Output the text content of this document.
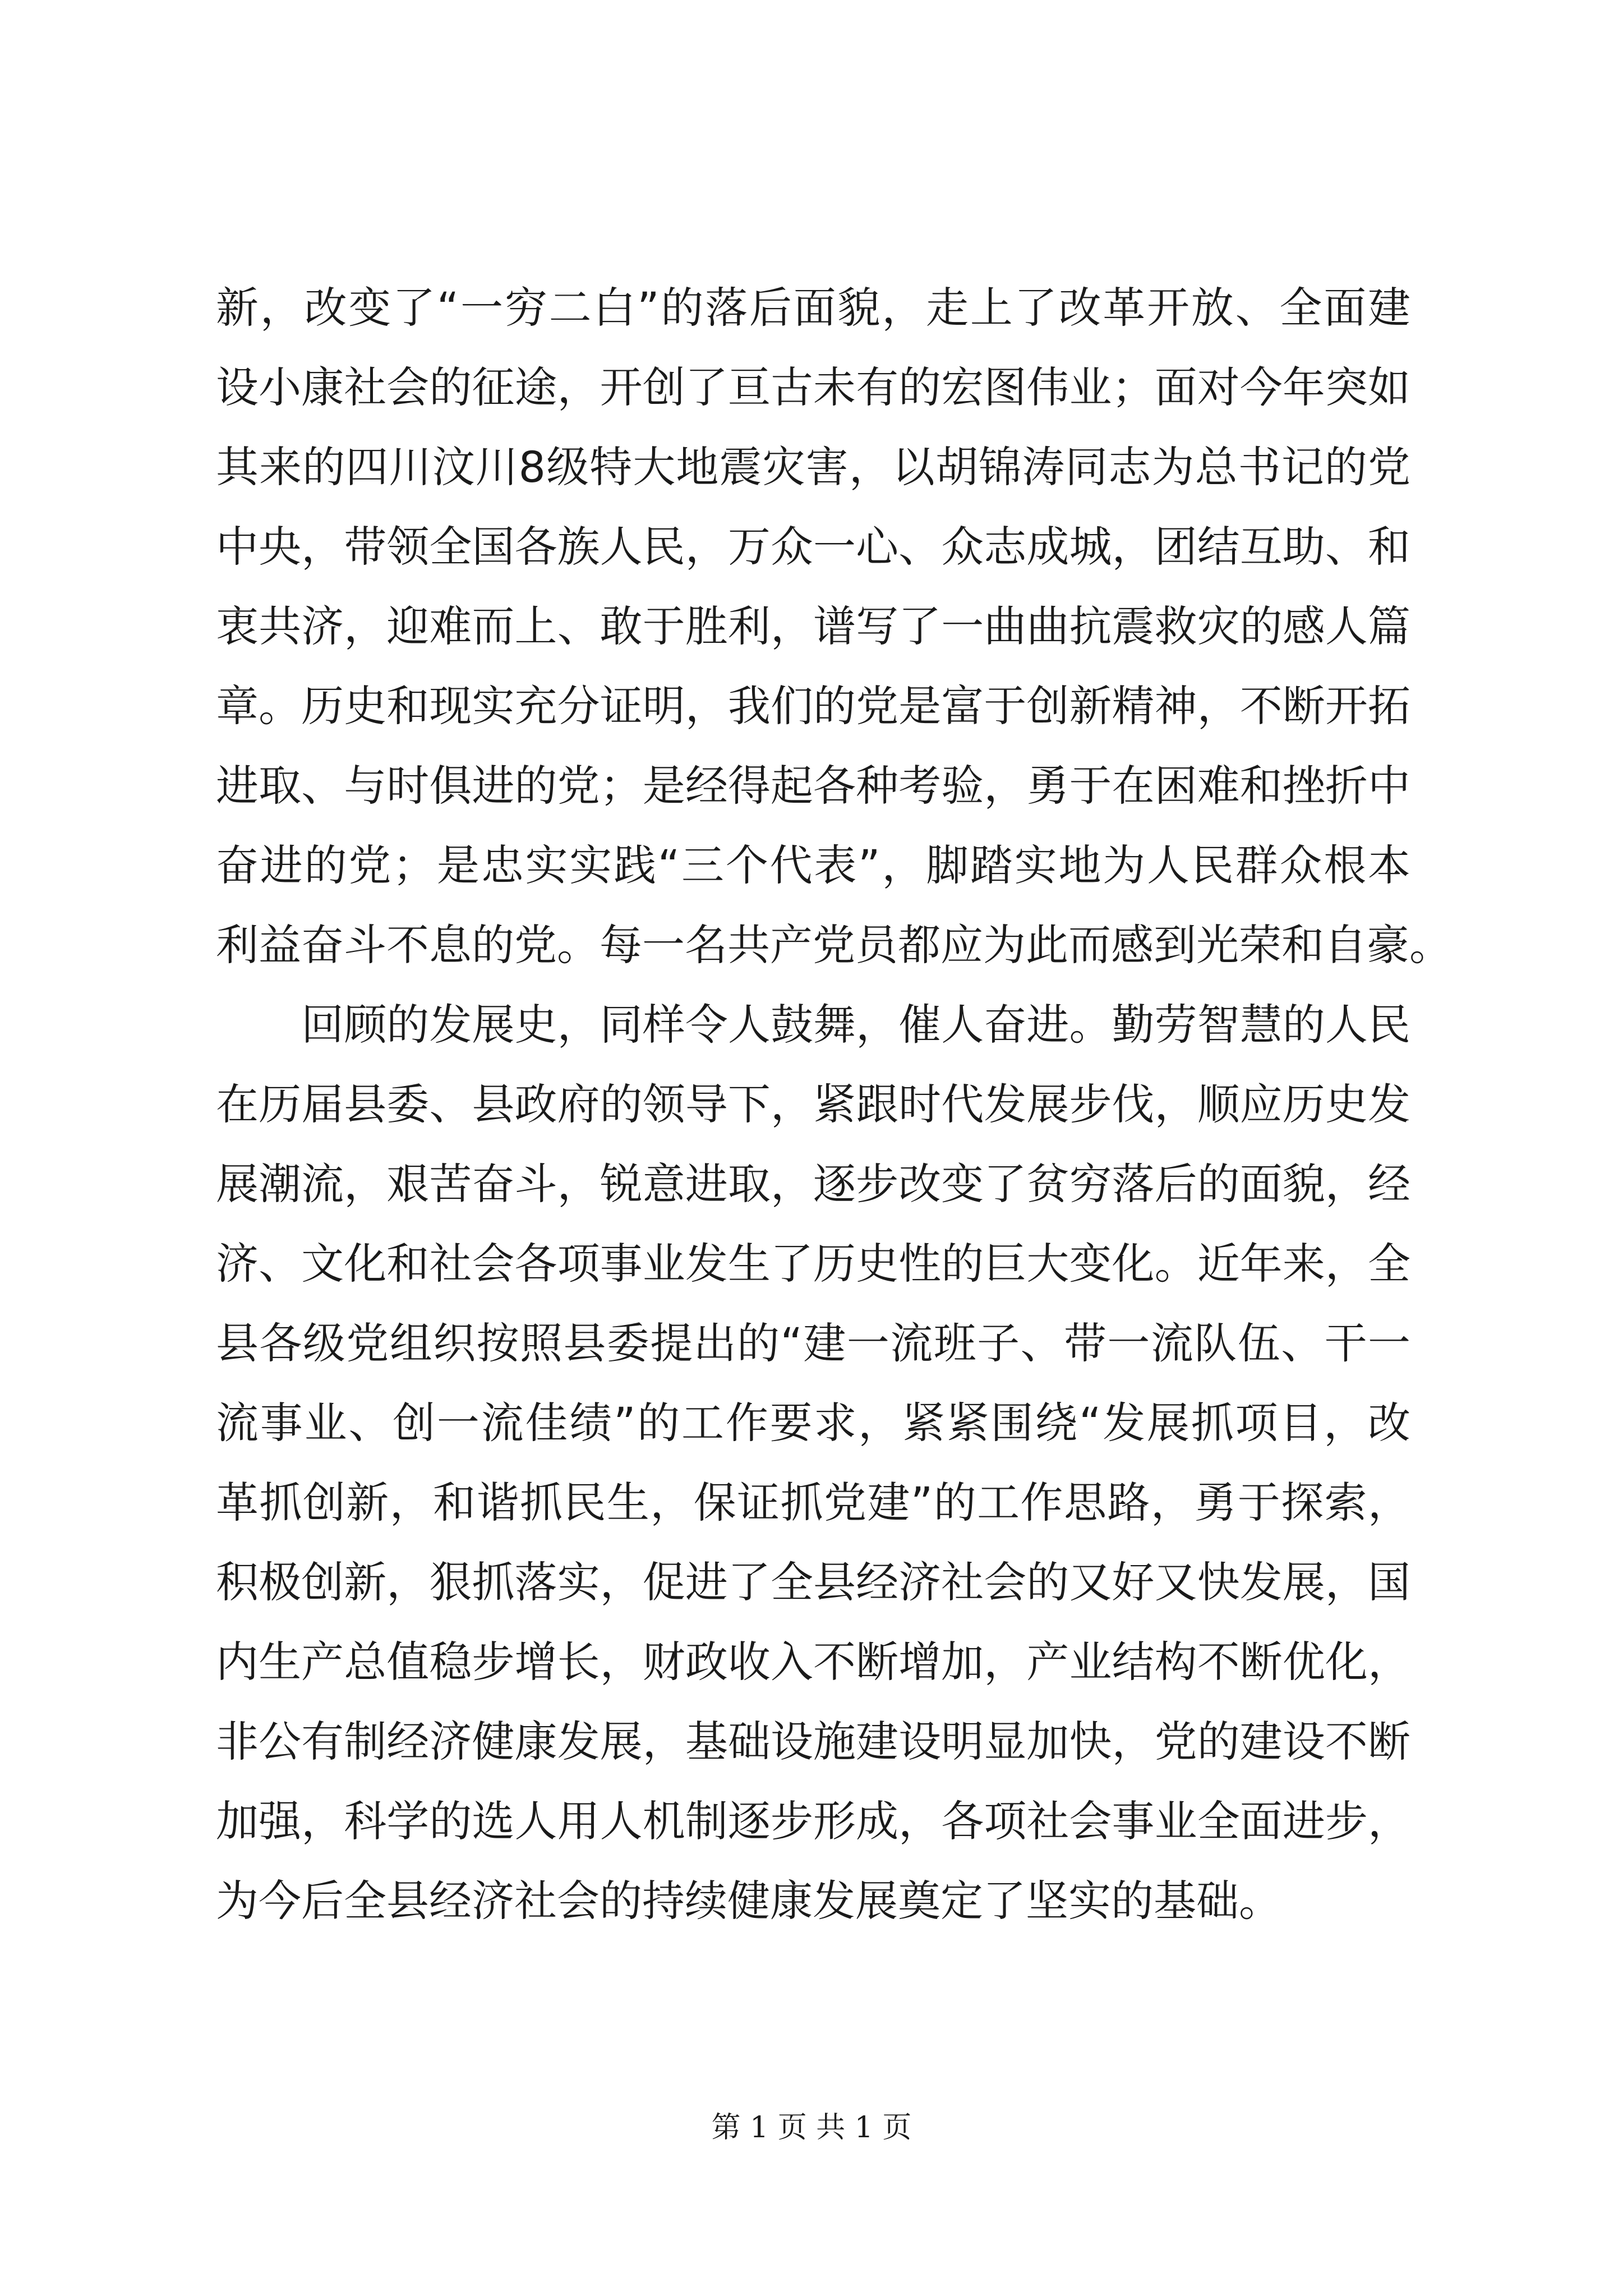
新，改变了“一穷二白”的落后面貌，走上了改革开放、全面建
设小康社会的征途，开创了亘古未有的宏图伟业；面对今年突如
其来的四川汶川8级特大地震灾害，以胡锦涛同志为总书记的党
中央，带领全国各族人民，万众一心、众志成城，团结互助、和
衷共济，迎难而上、敢于胜利，谱写了一曲曲抗震救灾的感人篇
章。历史和现实充分证明，我们的党是富于创新精神，不断开拓
进取、与时俱进的党；是经得起各种考验，勇于在困难和挫折中
奋进的党；是忠实实践“三个代表”，脚踏实地为人民群众根本
利益奋斗不息的党。每一名共产党员都应为此而感到光荣和自豪。
　　回顾的发展史，同样令人鼓舞，催人奋进。勤劳智慧的人民
在历届县委、县政府的领导下，紧跟时代发展步伐，顺应历史发
展潮流，艰苦奋斗，锐意进取，逐步改变了贫穷落后的面貌，经
济、文化和社会各项事业发生了历史性的巨大变化。近年来，全
县各级党组织按照县委提出的“建一流班子、带一流队伍、干一
流事业、创一流佳绩”的工作要求，紧紧围绕“发展抓项目，改
革抓创新，和谐抓民生，保证抓党建”的工作思路，勇于探索，
积极创新，狠抓落实，促进了全县经济社会的又好又快发展，国
内生产总值稳步增长，财政收入不断增加，产业结构不断优化，
非公有制经济健康发展，基础设施建设明显加快，党的建设不断
加强，科学的选人用人机制逐步形成，各项社会事业全面进步，
为今后全县经济社会的持续健康发展奠定了坚实的基础。
第 1 页 共 1 页
